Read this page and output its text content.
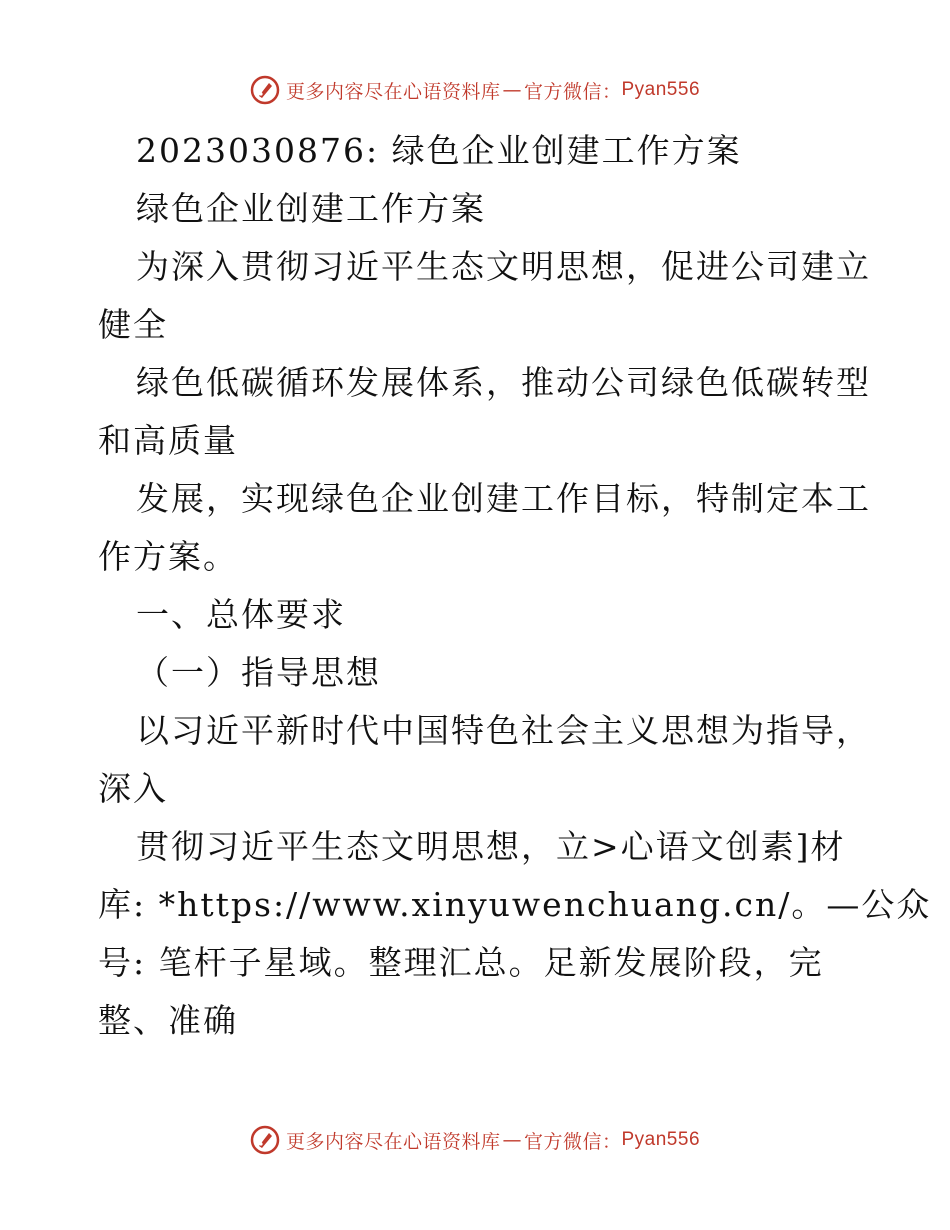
更多内容尽在心语资料库 — 官方微信： Pyan556
2023030876: 绿色企业创建工作方案
绿色企业创建工作方案
为深入贯彻习近平生态文明思想，促进公司建立
健全
绿色低碳循环发展体系，推动公司绿色低碳转型
和高质量
发展，实现绿色企业创建工作目标，特制定本工
作方案。
一、总体要求
（一）指导思想
以习近平新时代中国特色社会主义思想为指导，
深入
贯彻习近平生态文明思想，立>心语文创素]材
库: *https://www.xinyuwenchuang.cn/。—公众
号: 笔杆子星域。整理汇总。足新发展阶段，完
整、准确
更多内容尽在心语资料库 — 官方微信： Pyan556
